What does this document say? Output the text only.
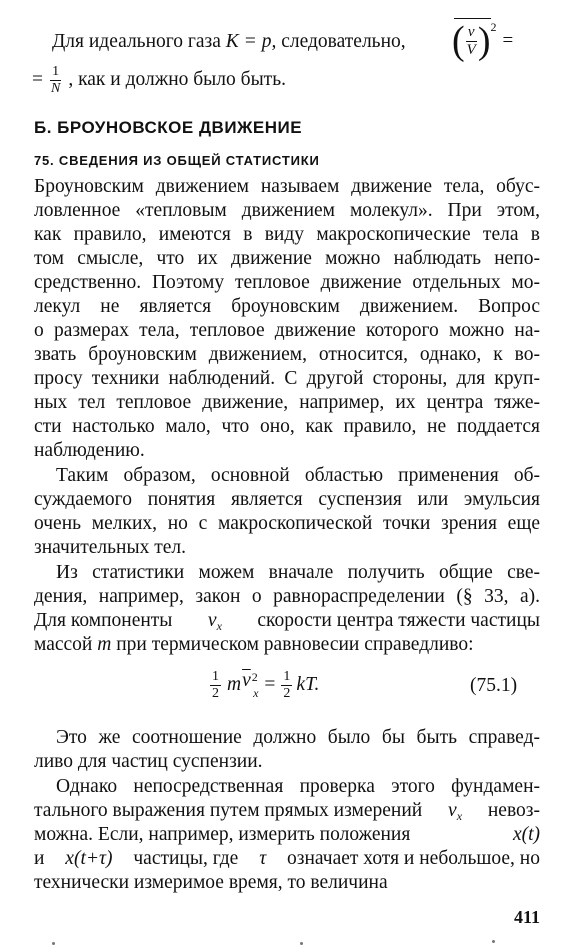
Для идеального газа K = p, следовательно, ( $\frac{v}{V}$ ) 2
=
= $\frac{1}{N}$ , как и должно было быть.
Б. БРОУНОВСКОЕ ДВИЖЕНИЕ
75. СВЕДЕНИЯ ИЗ ОБЩЕЙ СТАТИСТИКИ
Броуновским движением называем движение тела, обус-
ловленное «тепловым движением молекул». При этом,
как правило, имеются в виду макроскопические тела в
том смысле, что их движение можно наблюдать непо-
средственно. Поэтому тепловое движение отдельных мо-
лекул не является броуновским движением. Вопрос
о размерах тела, тепловое движение которого можно на-
звать броуновским движением, относится, однако, к во-
просу техники наблюдений. С другой стороны, для круп-
ных тел тепловое движение, например, их центра тяже-
сти настолько мало, что оно, как правило, не поддается
наблюдению.
Таким образом, основной областью применения об-
суждаемого понятия является суспензия или эмульсия
очень мелких, но с макроскопической точки зрения еще
значительных тел.
Из статистики можем вначале получить общие све-
дения, например, закон о равнораспределении (§ 33, а).
Для компоненты $v_x$ скорости центра тяжести частицы
массой m при термическом равновесии справедливо:
$\frac{1}{2}$ m $\overline{v}$ 2
$x = \frac{1}{2}$ kT.	(75.1)
Это же соотношение должно было бы быть справед-
ливо для частиц суспензии.
Однако непосредственная проверка этого фундамен-
тального выражения путем прямых измерений $v_x$ невоз-
можна. Если, например, измерить положения	x(t)
и x(t+τ) частицы, где τ означает хотя и небольшое, но
технически измеримое время, то величина
411
